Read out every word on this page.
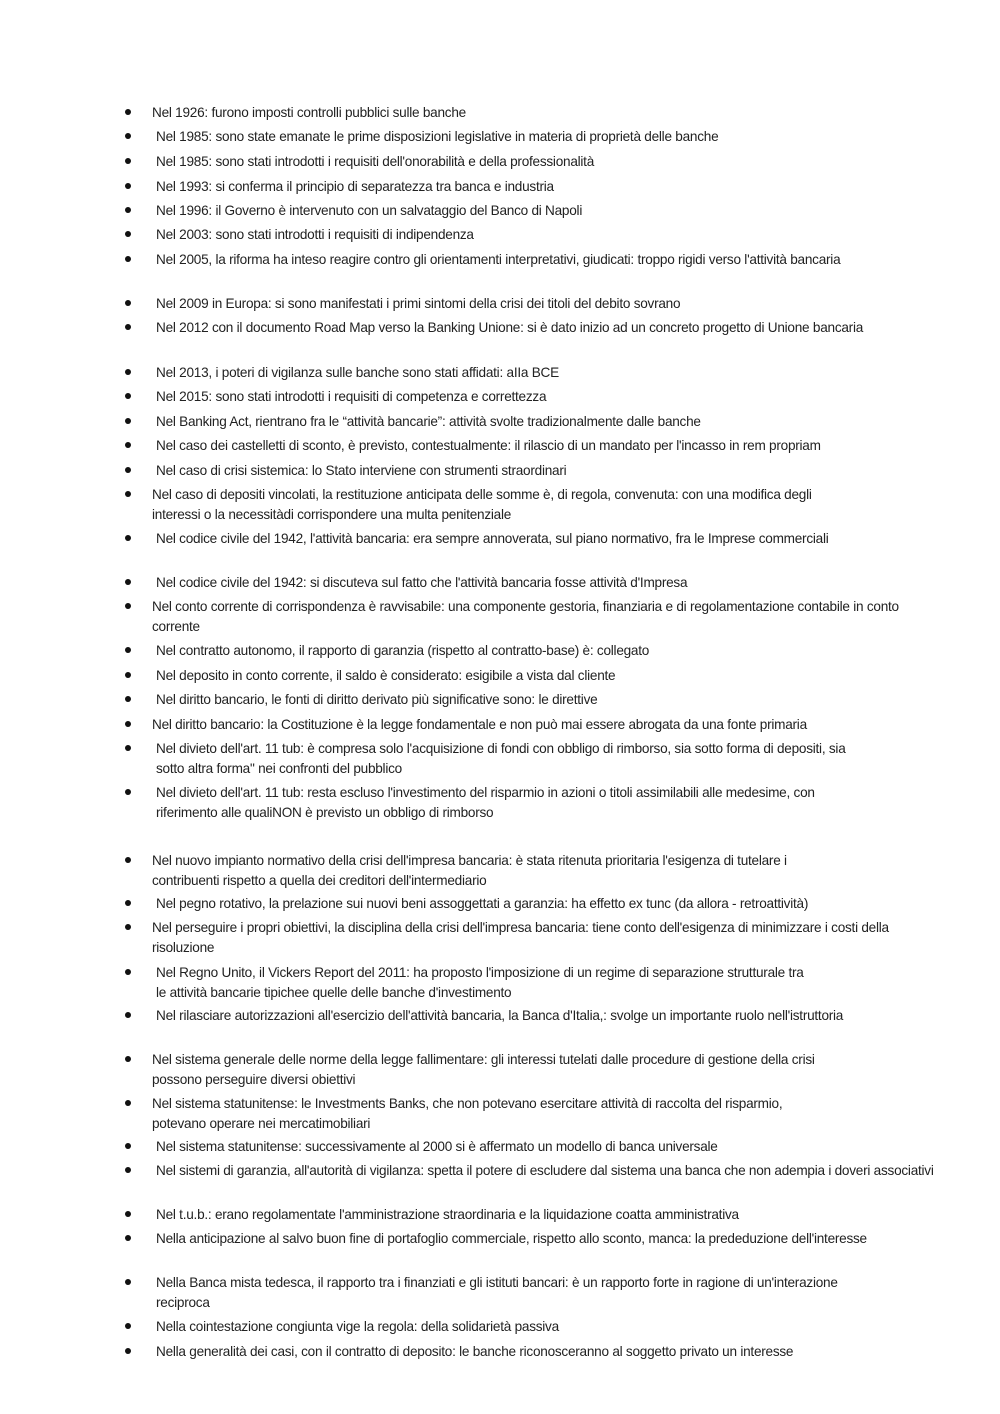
Nel 1926: furono imposti controlli pubblici sulle banche
Nel 1985: sono state emanate le prime disposizioni legislative in materia di proprietà delle banche
Nel 1985: sono stati introdotti i requisiti dell'onorabilità e della professionalità
Nel 1993: si conferma il principio di separatezza tra banca e industria
Nel 1996: il Governo è intervenuto con un salvataggio del Banco di Napoli
Nel 2003: sono stati introdotti i requisiti di indipendenza
Nel 2005, la riforma ha inteso reagire contro gli orientamenti interpretativi, giudicati: troppo rigidi verso l'attività bancaria
Nel 2009 in Europa: si sono manifestati i primi sintomi della crisi dei titoli del debito sovrano
Nel 2012 con il documento Road Map verso la Banking Unione: si è dato inizio ad un concreto progetto di Unione bancaria
Nel 2013, i poteri di vigilanza sulle banche sono stati affidati: aIIa BCE
Nel 2015: sono stati introdotti i requisiti di competenza e correttezza
Nel Banking Act, rientrano fra le “attività bancarie”: attività svolte tradizionalmente dalle banche
Nel caso dei castelletti di sconto, è previsto, contestualmente: il rilascio di un mandato per l'incasso in rem propriam
Nel caso di crisi sistemica: lo Stato interviene con strumenti straordinari
Nel caso di depositi vincolati, la restituzione anticipata delle somme è, di regola, convenuta: con una modifica degli interessi o la necessitàdi corrispondere una multa penitenziale
Nel codice civile del 1942, l'attività bancaria: era sempre annoverata, sul piano normativo, fra le Imprese commerciali
Nel codice civile del 1942: si discuteva sul fatto che l'attività bancaria fosse attività d'Impresa
Nel conto corrente di corrispondenza è ravvisabile: una componente gestoria, finanziaria e di regolamentazione contabile in conto corrente
Nel contratto autonomo, il rapporto di garanzia (rispetto al contratto-base) è: collegato
Nel deposito in conto corrente, il saldo è considerato: esigibile a vista dal cliente
Nel diritto bancario, le fonti di diritto derivato più significative sono: le direttive
Nel diritto bancario: la Costituzione è la legge fondamentale e non può mai essere abrogata da una fonte primaria
Nel divieto dell'art. 11 tub: è compresa solo l'acquisizione di fondi con obbligo di rimborso, sia sotto forma di depositi, sia sotto altra forma" nei confronti del pubblico
Nel divieto dell'art. 11 tub: resta escluso l'investimento del risparmio in azioni o titoli assimilabili alle medesime, con riferimento alle qualiNON è previsto un obbligo di rimborso
Nel nuovo impianto normativo della crisi dell'impresa bancaria: è stata ritenuta prioritaria l'esigenza di tutelare i contribuenti rispetto a quella dei creditori dell'intermediario
Nel pegno rotativo, la prelazione sui nuovi beni assoggettati a garanzia: ha effetto ex tunc (da allora - retroattività)
Nel perseguire i propri obiettivi, la disciplina della crisi dell'impresa bancaria: tiene conto dell'esigenza di minimizzare i costi della risoluzione
Nel Regno Unito, il Vickers Report del 2011: ha proposto l'imposizione di un regime di separazione strutturale tra le attività bancarie tipichee quelle delle banche d'investimento
Nel rilasciare autorizzazioni all'esercizio dell'attività bancaria, la Banca d'Italia,: svolge un importante ruolo nell'istruttoria
Nel sistema generale delle norme della legge fallimentare: gli interessi tutelati dalle procedure di gestione della crisi possono perseguire diversi obiettivi
Nel sistema statunitense: le Investments Banks, che non potevano esercitare attività di raccolta del risparmio, potevano operare nei mercatimobiliari
Nel sistema statunitense: successivamente al 2000 si è affermato un modello di banca universale
Nel sistemi di garanzia, all'autorità di vigilanza: spetta il potere di escludere dal sistema una banca che non adempia i doveri associativi
Nel t.u.b.: erano regolamentate l'amministrazione straordinaria e la liquidazione coatta amministrativa
Nella anticipazione al salvo buon fine di portafoglio commerciale, rispetto allo sconto, manca: la prededuzione dell'interesse
Nella Banca mista tedesca, il rapporto tra i finanziati e gli istituti bancari: è un rapporto forte in ragione di un'interazione reciproca
Nella cointestazione congiunta vige la regola: della solidarietà passiva
Nella generalità dei casi, con il contratto di deposito: le banche riconosceranno al soggetto privato un interesse
